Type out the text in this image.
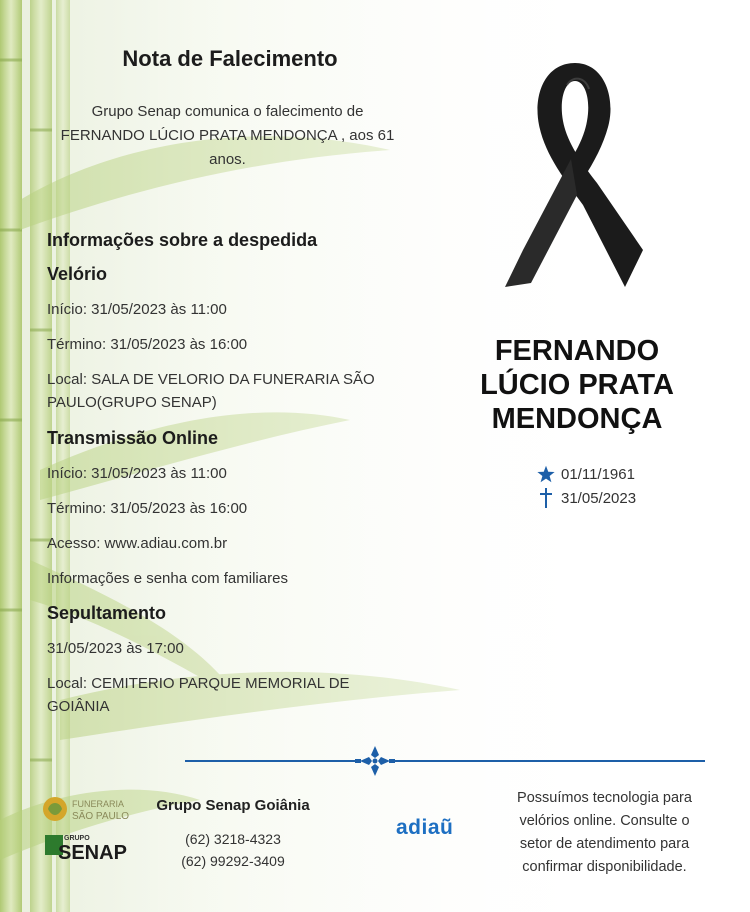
Nota de Falecimento
Grupo Senap comunica o falecimento de
FERNANDO LÚCIO PRATA MENDONÇA , aos 61
anos.
Informações sobre a despedida
Velório
Início: 31/05/2023 às 11:00
Término: 31/05/2023 às 16:00
Local: SALA DE VELORIO DA FUNERARIA SÃO
PAULO(GRUPO SENAP)
Transmissão Online
Início: 31/05/2023 às 11:00
Término: 31/05/2023 às 16:00
Acesso: www.adiau.com.br
Informações e senha com familiares
Sepultamento
31/05/2023 às 17:00
Local: CEMITERIO PARQUE MEMORIAL DE
GOIÂNIA
FERNANDO
LÚCIO PRATA
MENDONÇA
01/11/1961
31/05/2023
FUNERARIA
SÃO PAULO
GRUPO
SENAP
Grupo Senap Goiânia
(62) 3218-4323
(62) 99292-3409
adiaũ
Possuímos tecnologia para
velórios online. Consulte o
setor de atendimento para
confirmar disponibilidade.
